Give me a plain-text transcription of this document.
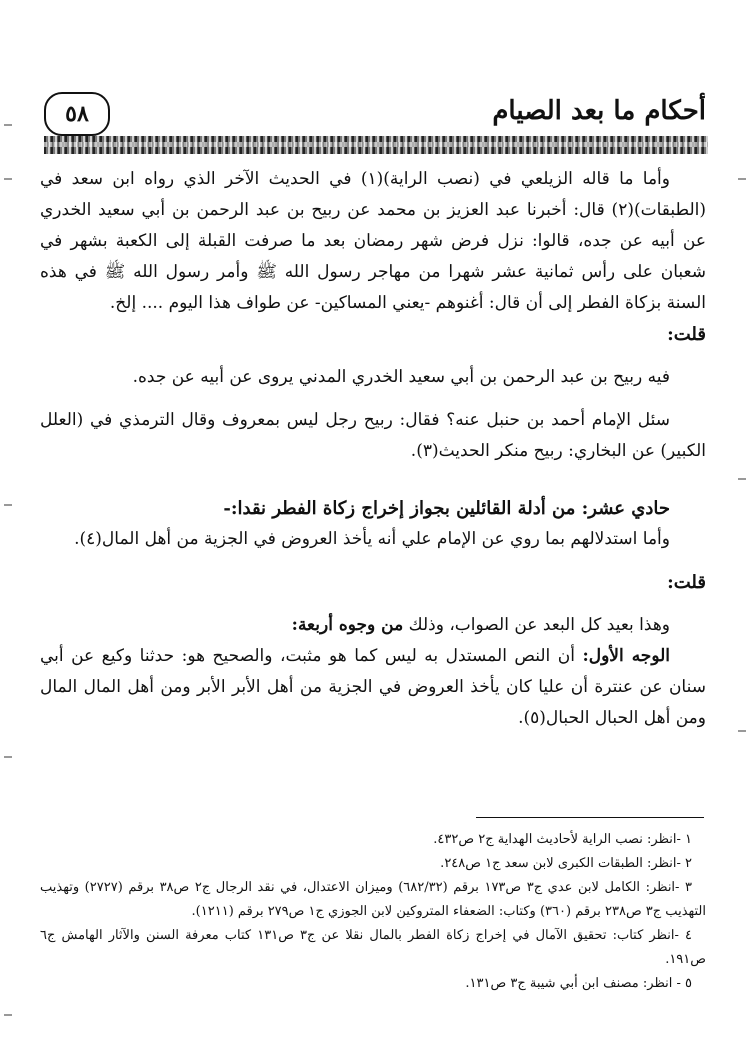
٥٨	أحكام ما بعد الصيام

وأما ما قاله الزيلعي في (نصب الراية)(١) في الحديث الآخر الذي رواه ابن سعد في (الطبقات)(٢) قال: أخبرنا عبد العزيز بن محمد عن ربيح بن عبد الرحمن بن أبي سعيد الخدري عن أبيه عن جده، قالوا: نزل فرض شهر رمضان بعد ما صرفت القبلة إلى الكعبة بشهر في شعبان على رأس ثمانية عشر شهرا من مهاجر رسول الله ﷺ وأمر رسول الله ﷺ في هذه السنة بزكاة الفطر إلى أن قال: أغنوهم -يعني المساكين- عن طواف هذا اليوم .... إلخ.

قلت:

فيه ربيح بن عبد الرحمن بن أبي سعيد الخدري المدني يروى عن أبيه عن جده.

سئل الإمام أحمد بن حنبل عنه؟ فقال: ربيح رجل ليس بمعروف وقال الترمذي في (العلل الكبير) عن البخاري: ربيح منكر الحديث(٣).

حادي عشر: من أدلة القائلين بجواز إخراج زكاة الفطر نقدا:-

وأما استدلالهم بما روي عن الإمام علي أنه يأخذ العروض في الجزية من أهل المال(٤).

قلت:

وهذا بعيد كل البعد عن الصواب، وذلك من وجوه أربعة:

الوجه الأول: أن النص المستدل به ليس كما هو مثبت، والصحيح هو: حدثنا وكيع عن أبي سنان عن عنترة أن عليا كان يأخذ العروض في الجزية من أهل الأبر الأبر ومن أهل المال المال ومن أهل الحبال الحبال(٥).

١ -انظر: نصب الراية لأحاديث الهداية ج٢ ص٤٣٢.

٢ -انظر: الطبقات الكبرى لابن سعد ج١ ص٢٤٨.

٣ -انظر: الكامل لابن عدي ج٣ ص١٧٣ برقم (٦٨٢/٣٢) وميزان الاعتدال، في نقد الرجال ج٢ ص٣٨ برقم (٢٧٢٧) وتهذيب التهذيب ج٣ ص٢٣٨ برقم (٣٦٠) وكتاب: الضعفاء المتروكين لابن الجوزي ج١ ص٢٧٩ برقم (١٢١١).

٤ -انظر كتاب: تحقيق الآمال في إخراج زكاة الفطر بالمال نقلا عن ج٣ ص١٣١ كتاب معرفة السنن والآثار الهامش ج٦ ص١٩١.

٥ - انظر: مصنف ابن أبي شيبة ج٣ ص١٣١.
